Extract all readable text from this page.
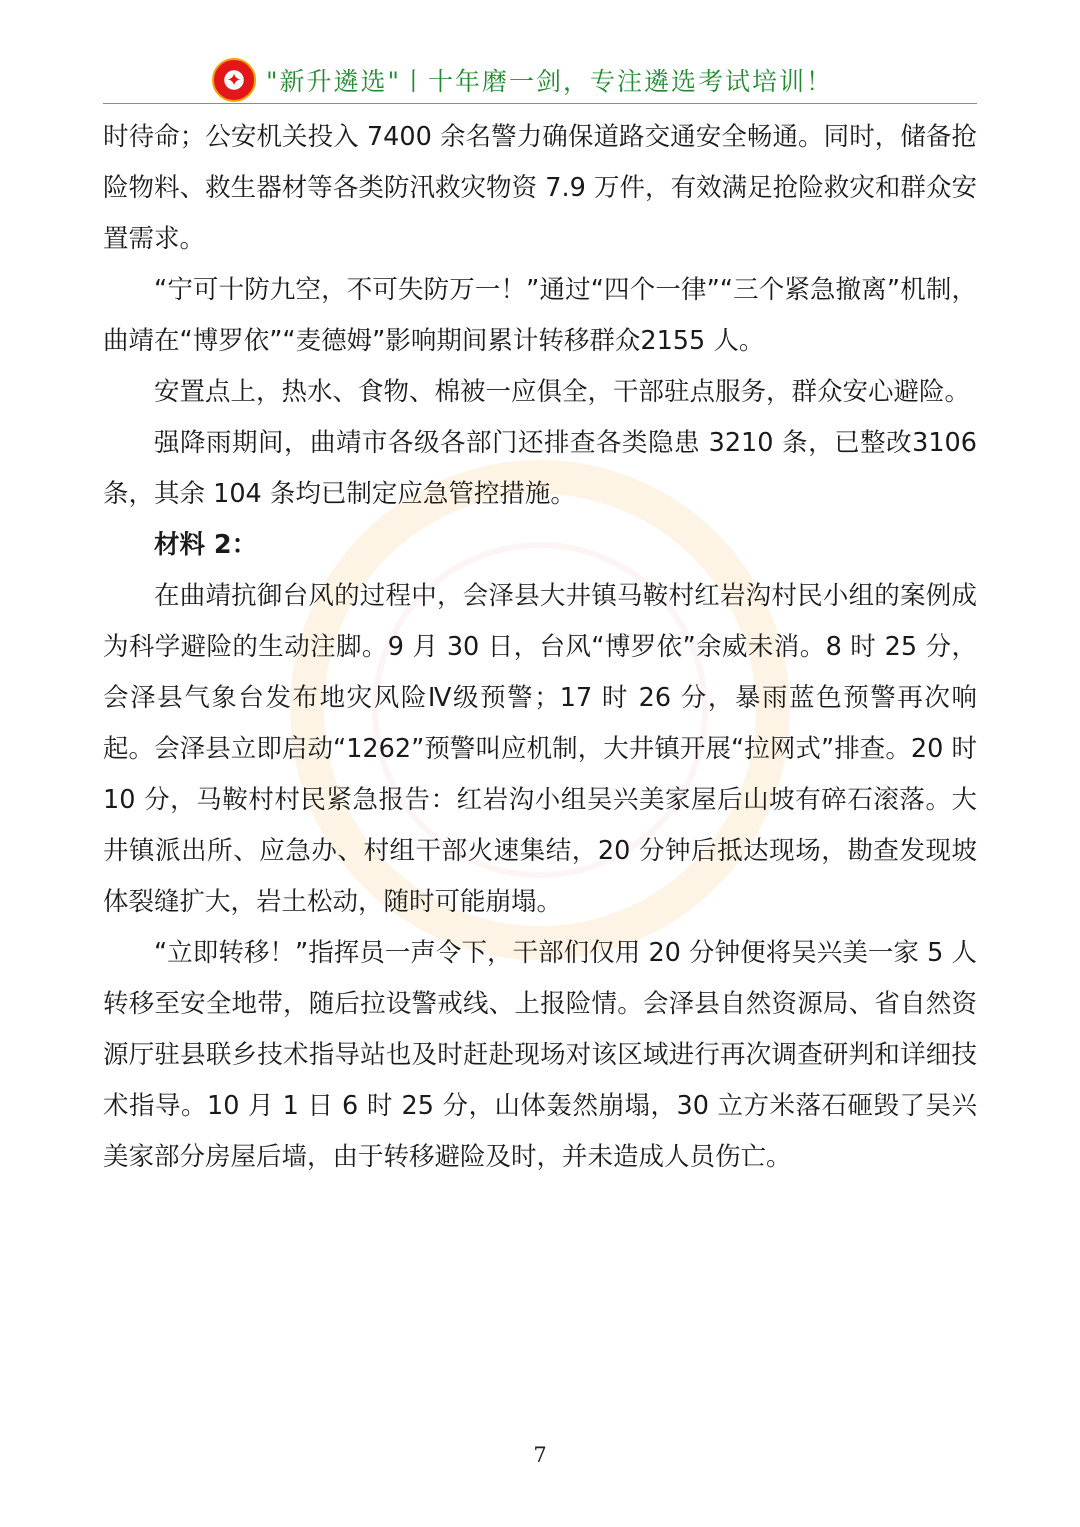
✦ "新升遴选"丨十年磨一剑，专注遴选考试培训！

时待命；公安机关投入 7400 余名警力确保道路交通安全畅通。同时，储备抢险物料、救生器材等各类防汛救灾物资 7.9 万件，有效满足抢险救灾和群众安置需求。

“宁可十防九空，不可失防万一！”通过“四个一律”“三个紧急撤离”机制，曲靖在“博罗依”“麦德姆”影响期间累计转移群众2155 人。

安置点上，热水、食物、棉被一应俱全，干部驻点服务，群众安心避险。

强降雨期间，曲靖市各级各部门还排查各类隐患 3210 条，已整改3106 条，其余 104 条均已制定应急管控措施。

材料 2：

在曲靖抗御台风的过程中，会泽县大井镇马鞍村红岩沟村民小组的案例成为科学避险的生动注脚。9 月 30 日，台风“博罗依”余威未消。8 时 25 分，会泽县气象台发布地灾风险Ⅳ级预警；17 时 26 分，暴雨蓝色预警再次响起。会泽县立即启动“1262”预警叫应机制，大井镇开展“拉网式”排查。20 时 10 分，马鞍村村民紧急报告：红岩沟小组吴兴美家屋后山坡有碎石滚落。大井镇派出所、应急办、村组干部火速集结，20 分钟后抵达现场，勘查发现坡体裂缝扩大，岩土松动，随时可能崩塌。

“立即转移！”指挥员一声令下，干部们仅用 20 分钟便将吴兴美一家 5 人转移至安全地带，随后拉设警戒线、上报险情。会泽县自然资源局、省自然资源厅驻县联乡技术指导站也及时赶赴现场对该区域进行再次调查研判和详细技术指导。10 月 1 日 6 时 25 分，山体轰然崩塌，30 立方米落石砸毁了吴兴美家部分房屋后墙，由于转移避险及时，并未造成人员伤亡。

7
